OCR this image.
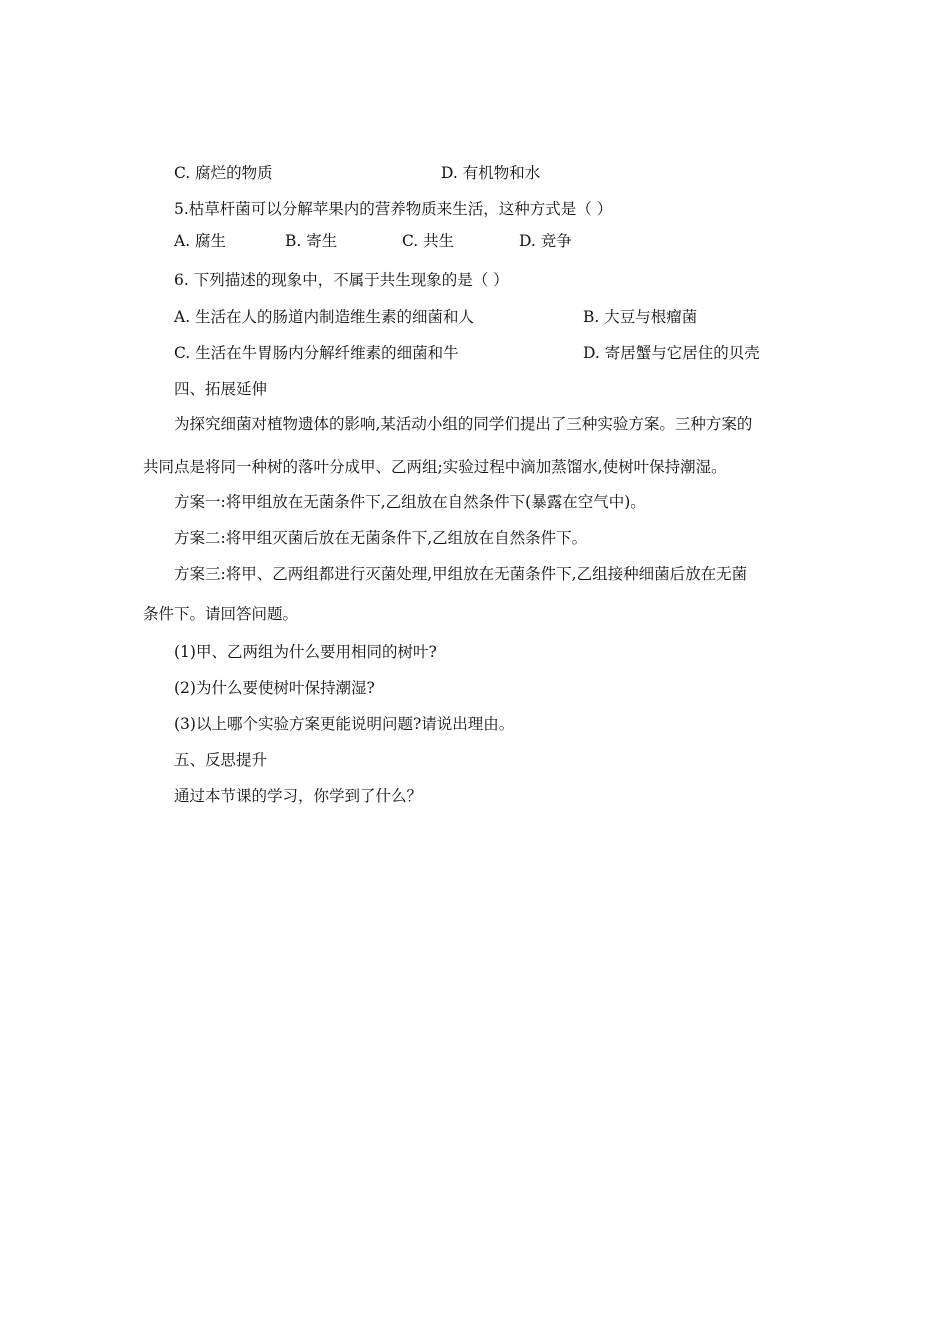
C. 腐烂的物质	D. 有机物和水
5.枯草杆菌可以分解苹果内的营养物质来生活，这种方式是（ ）
A. 腐生	B. 寄生	C. 共生	D. 竞争
6. 下列描述的现象中，不属于共生现象的是（ ）
A. 生活在人的肠道内制造维生素的细菌和人	B. 大豆与根瘤菌
C. 生活在牛胃肠内分解纤维素的细菌和牛	D. 寄居蟹与它居住的贝壳
四、拓展延伸
为探究细菌对植物遗体的影响,某活动小组的同学们提出了三种实验方案。三种方案的
共同点是将同一种树的落叶分成甲、乙两组;实验过程中滴加蒸馏水,使树叶保持潮湿。
方案一:将甲组放在无菌条件下,乙组放在自然条件下(暴露在空气中)。
方案二:将甲组灭菌后放在无菌条件下,乙组放在自然条件下。
方案三:将甲、乙两组都进行灭菌处理,甲组放在无菌条件下,乙组接种细菌后放在无菌
条件下。请回答问题。
(1)甲、乙两组为什么要用相同的树叶?
(2)为什么要使树叶保持潮湿?
(3)以上哪个实验方案更能说明问题?请说出理由。
五、反思提升
通过本节课的学习，你学到了什么？
